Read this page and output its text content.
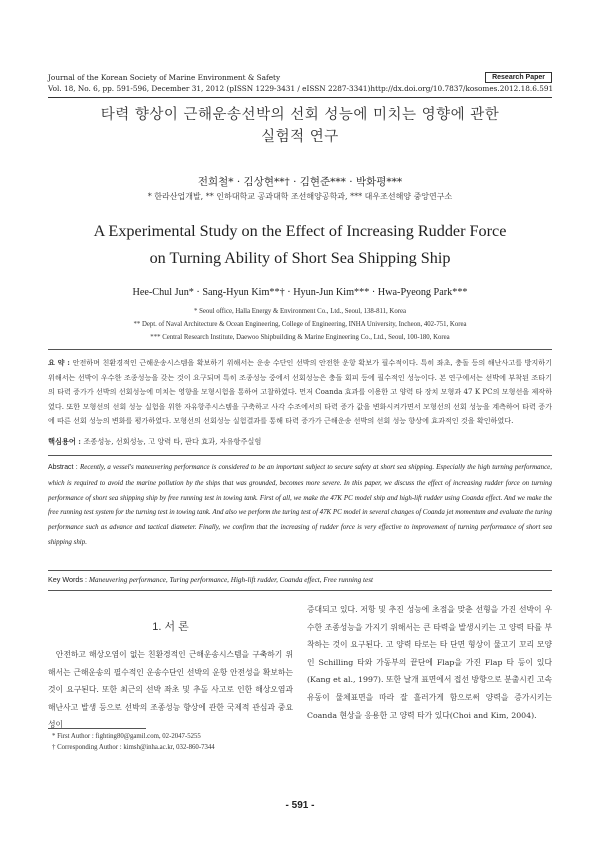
Journal of the Korean Society of Marine Environment & Safety
Vol. 18, No. 6, pp. 591-596, December 31, 2012 (pISSN 1229-3431 / eISSN 2287-3341) http://dx.doi.org/10.7837/kosomes.2012.18.6.591
Research Paper
타력 향상이 근해운송선박의 선회 성능에 미치는 영향에 관한
실험적 연구
전희철* · 김상현**† · 김현준*** · 박화평***
* 한라산업개발, ** 인하대학교 공과대학 조선해양공학과, *** 대우조선해양 중앙연구소
A Experimental Study on the Effect of Increasing Rudder Force
on Turning Ability of Short Sea Shipping Ship
Hee-Chul Jun* · Sang-Hyun Kim**† · Hyun-Jun Kim*** · Hwa-Pyeong Park***
* Seoul office, Halla Energy & Environment Co., Ltd., Seoul, 138-811, Korea
** Dept. of Naval Architecture & Ocean Engineering, College of Engineering, INHA University, Incheon, 402-751, Korea
*** Central Research Institute, Daewoo Shipbuilding & Marine Engineering Co., Ltd., Seoul, 100-180, Korea
요 약 : 안전하며 친환경적인 근해운송시스템을 확보하기 위해서는 운송 수단인 선박의 안전한 운항 확보가 필수적이다. 특히 좌초, 충돌 등의 해난사고를 방지하기 위해서는 선박이 우수한 조종성능을 갖는 것이 요구되며 특히 조종성능 중에서 선회성능은 충돌 회피 등에 필수적인 성능이다. 본 연구에서는 선박에 부착된 조타기의 타력 증가가 선박의 선회성능에 미치는 영향을 모형시험을 통하여 고찰하였다. 먼저 Coanda 효과를 이용한 고 양력 타 장치 모형과 47 K PC의 모형선을 제작하였다. 또한 모형선의 선회 성능 실험을 위한 자유항주시스템을 구축하고 사각 수조에서의 타력 증가 값을 변화시켜가면서 모형선의 선회 성능을 계측하여 타력 증가에 따른 선회 성능의 변화를 평가하였다. 모형선의 선회성능 실험결과를 통해 타력 증가가 근해운송 선박의 선회 성능 향상에 효과적인 것을 확인하였다.
핵심용어 : 조종성능, 선회성능, 고 양력 타, 판다 효과, 자유항주실험
Abstract : Recently, a vessel's maneuvering performance is considered to be an important subject to secure safety at short sea shipping. Especially the high turning performance, which is required to avoid the marine pollution by the ships that was grounded, becomes more severe. In this paper, we discuss the effect of increasing rudder force on turning performance of short sea shipping ship by free running test in towing tank. First of all, we make the 47K PC model ship and high-lift rudder using Coanda effect. And we make the free running test system for the turning test in towing tank. And also we perform the turing test of 47K PC model in several changes of Coanda jet momentum and evaluate the turing performance such as advance and tactical diameter. Finally, we confirm that the increasing of rudder force is very effective to improvement of turning performance of short sea shipping ship.
Key Words : Maneuvering performance, Turing performance, High-lift rudder, Coanda effect, Free running test
1. 서 론
안전하고 해상오염이 없는 친환경적인 근해운송시스템을 구축하기 위해서는 근해운송의 필수적인 운송수단인 선박의 운항 안전성을 확보하는 것이 요구된다. 또한 최근의 선박 좌초 및 추돌 사고로 인한 해상오염과 해난사고 발생 등으로 선박의 조종성능 향상에 관한 국제적 관심과 중요성이
증대되고 있다. 저항 및 추진 성능에 초점을 맞춘 선형을 가진 선박이 우수한 조종성능을 가지기 위해서는 큰 타력을 발생시키는 고 양력 타를 부착하는 것이 요구된다. 고 양력 타로는 타 단면 형상이 물고기 꼬리 모양인 Schilling 타와 가동부의 끝단에 Flap을 가진 Flap 타 등이 있다(Kang et al., 1997). 또한 날개 표면에서 접선 방향으로 분출시킨 고속 유동이 물체표면을 따라 잘 흘러가게 함으로써 양력을 증가시키는 Coanda 현상을 응용한 고 양력 타가 있다(Choi and Kim, 2004).
* First Author : fighting80@gamil.com, 02-2047-5255
† Corresponding Author : kimsh@inha.ac.kr, 032-860-7344
- 591 -
